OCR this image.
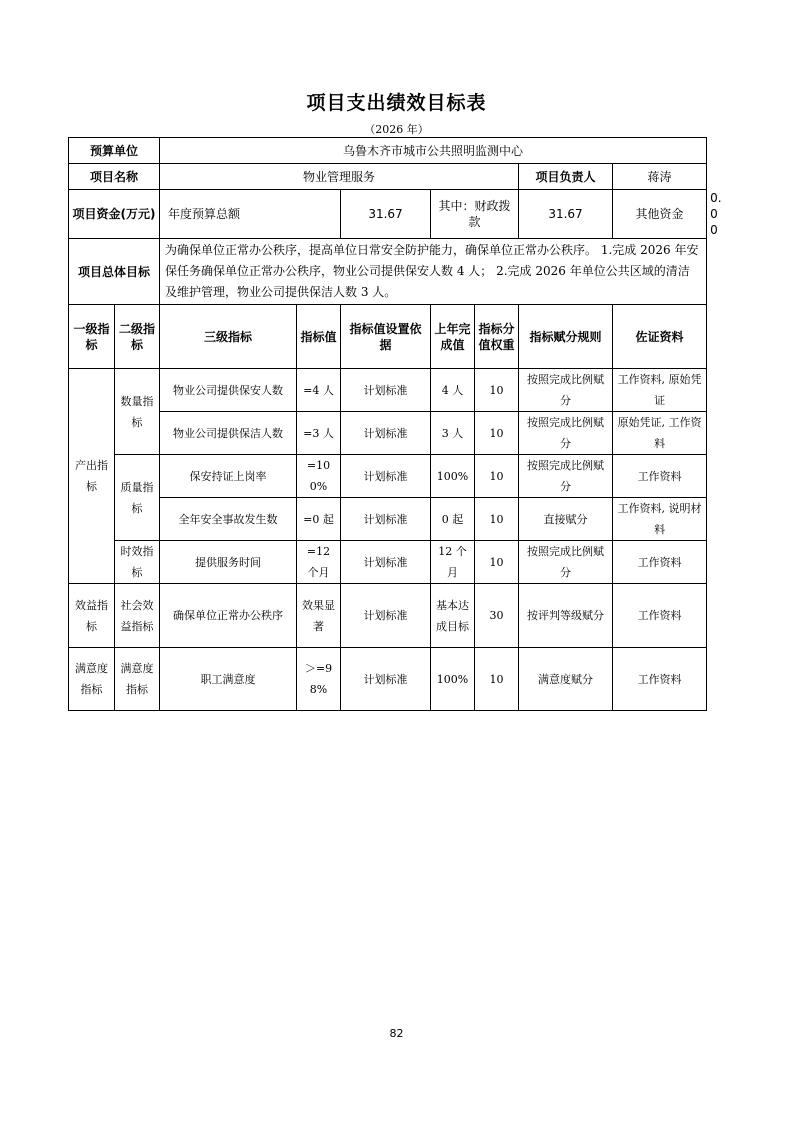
项目支出绩效目标表
（2026 年）
预算单位		乌鲁木齐市城市公共照明监测中心							
项目名称		物业管理服务					项目负责人	蒋涛	
项目资金(万元)		年度预算总额		31.67	其中：财政拨款		31.67	其他资金	0.00
项目总体目标		为确保单位正常办公秩序，提高单位日常安全防护能力，确保单位正常办公秩序。 1.完成 2026 年安保任务确保单位正常办公秩序，物业公司提供保安人数 4 人； 2.完成 2026 年单位公共区域的清洁及维护管理，物业公司提供保洁人数 3 人。							
一级指标	二级指标	三级指标	指标值	指标值设置依据	上年完成值	指标分值权重	指标赋分规则	佐证资料	
产出指标	数量指标	物业公司提供保安人数	=4 人	计划标准	4 人	10	按照完成比例赋分	工作资料, 原始凭证	
		物业公司提供保洁人数	=3 人	计划标准	3 人	10	按照完成比例赋分	原始凭证, 工作资料	
	质量指标	保安持证上岗率	=100%	计划标准	100%	10	按照完成比例赋分	工作资料	
		全年安全事故发生数	=0 起	计划标准	0 起	10	直接赋分	工作资料, 说明材料	
	时效指标	提供服务时间	=12 个月	计划标准	12 个月	10	按照完成比例赋分	工作资料	
效益指标	社会效益指标	确保单位正常办公秩序	效果显著	计划标准	基本达成目标	30	按评判等级赋分	工作资料	
满意度指标	满意度指标	职工满意度	＞=98%	计划标准	100%	10	满意度赋分	工作资料	
82
